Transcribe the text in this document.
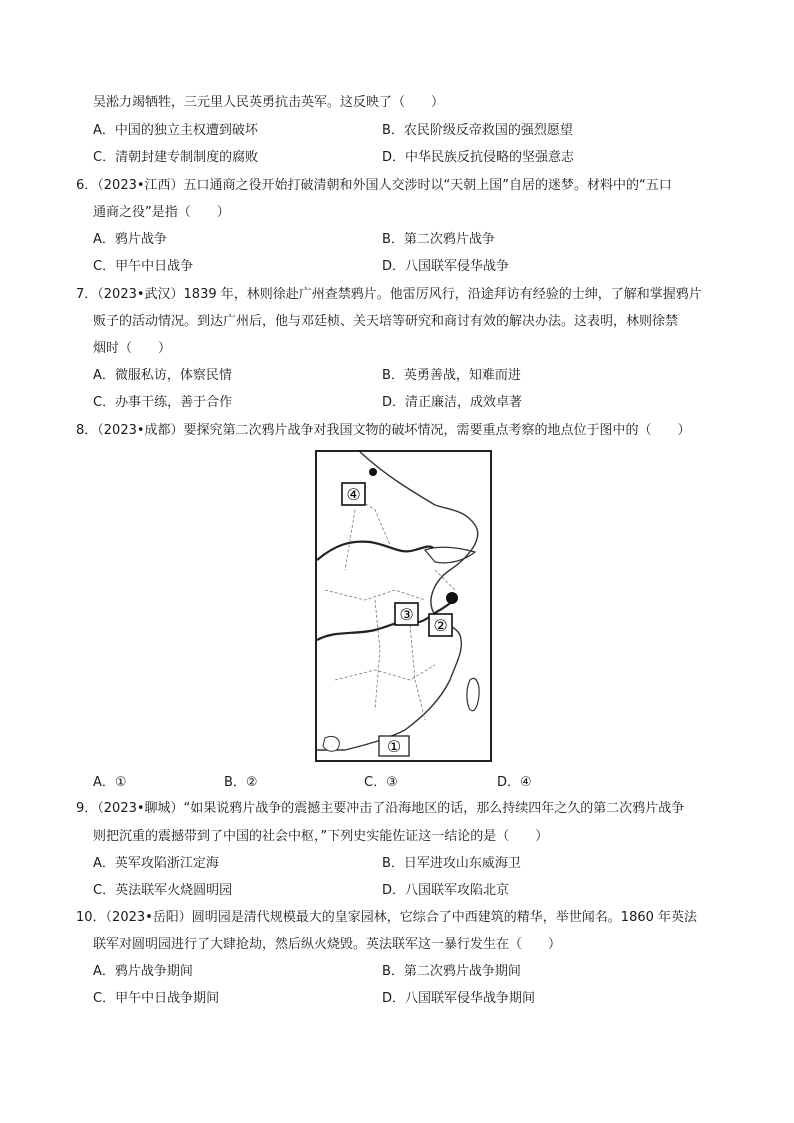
吴淞力竭牺牲，三元里人民英勇抗击英军。这反映了（　　）
A．中国的独立主权遭到破坏	B．农民阶级反帝救国的强烈愿望
C．清朝封建专制制度的腐败	D．中华民族反抗侵略的坚强意志
6．（2023•江西）五口通商之役开始打破清朝和外国人交涉时以“天朝上国”自居的迷梦。材料中的“五口
通商之役”是指（　　）
A．鸦片战争	B．第二次鸦片战争
C．甲午中日战争	D．八国联军侵华战争
7．（2023•武汉）1839 年，林则徐赴广州查禁鸦片。他雷厉风行，沿途拜访有经验的士绅，了解和掌握鸦片
贩子的活动情况。到达广州后，他与邓廷桢、关天培等研究和商讨有效的解决办法。这表明，林则徐禁
烟时（　　）
A．微服私访，体察民情	B．英勇善战，知难而进
C．办事干练，善于合作	D．清正廉洁，成效卓著
8．（2023•成都）要探究第二次鸦片战争对我国文物的破坏情况，需要重点考察的地点位于图中的（　　）
④
③
②
①
A．①	B．②	C．③	D．④
9．（2023•聊城）“如果说鸦片战争的震撼主要冲击了沿海地区的话，那么持续四年之久的第二次鸦片战争
则把沉重的震撼带到了中国的社会中枢，”下列史实能佐证这一结论的是（　　）
A．英军攻陷浙江定海	B．日军进攻山东威海卫
C．英法联军火烧圆明园	D．八国联军攻陷北京
10．（2023•岳阳）圆明园是清代规模最大的皇家园林，它综合了中西建筑的精华，举世闻名。1860 年英法
联军对圆明园进行了大肆抢劫，然后纵火烧毁。英法联军这一暴行发生在（　　）
A．鸦片战争期间	B．第二次鸦片战争期间
C．甲午中日战争期间	D．八国联军侵华战争期间
